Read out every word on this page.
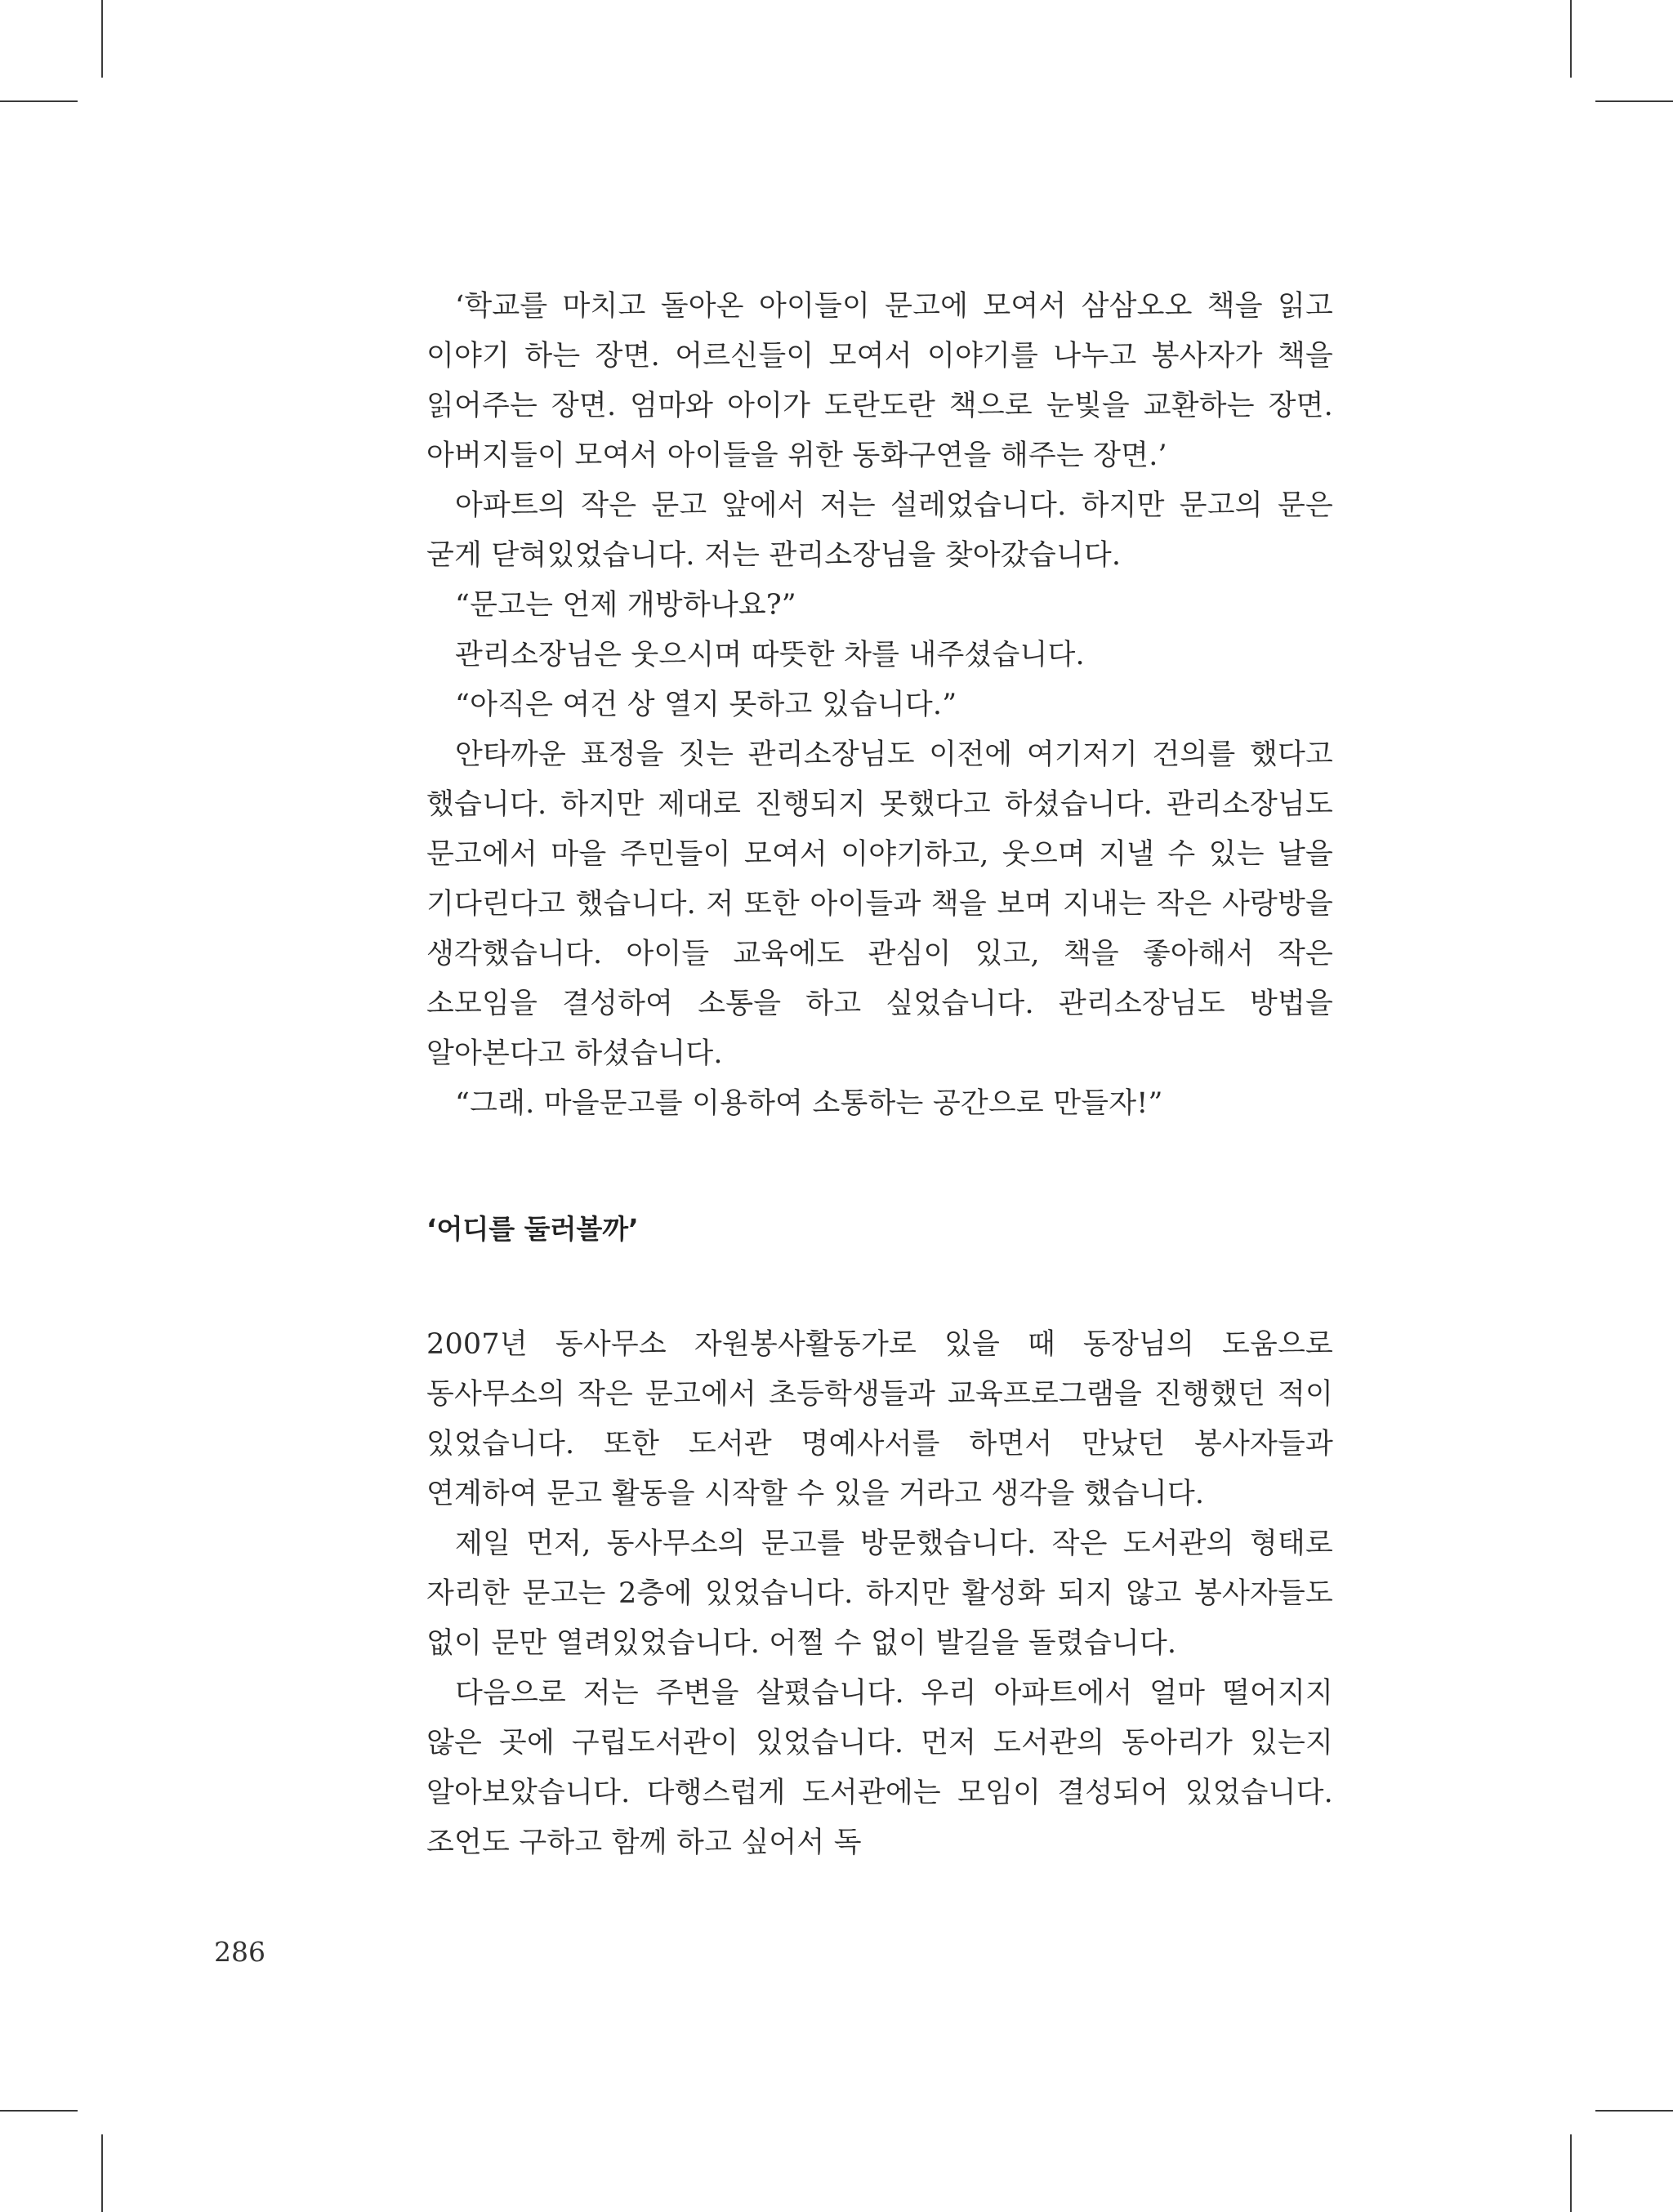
‘학교를 마치고 돌아온 아이들이 문고에 모여서 삼삼오오 책을 읽고 이야기 하는 장면. 어르신들이 모여서 이야기를 나누고 봉사자가 책을 읽어주는 장면. 엄마와 아이가 도란도란 책으로 눈빛을 교환하는 장면. 아버지들이 모여서 아이들을 위한 동화구연을 해주는 장면.’

아파트의 작은 문고 앞에서 저는 설레었습니다. 하지만 문고의 문은 굳게 닫혀있었습니다. 저는 관리소장님을 찾아갔습니다.

“문고는 언제 개방하나요?”

관리소장님은 웃으시며 따뜻한 차를 내주셨습니다.

“아직은 여건 상 열지 못하고 있습니다.”

안타까운 표정을 짓는 관리소장님도 이전에 여기저기 건의를 했다고 했습니다. 하지만 제대로 진행되지 못했다고 하셨습니다. 관리소장님도 문고에서 마을 주민들이 모여서 이야기하고, 웃으며 지낼 수 있는 날을 기다린다고 했습니다. 저 또한 아이들과 책을 보며 지내는 작은 사랑방을 생각했습니다. 아이들 교육에도 관심이 있고, 책을 좋아해서 작은 소모임을 결성하여 소통을 하고 싶었습니다. 관리소장님도 방법을 알아본다고 하셨습니다.

“그래. 마을문고를 이용하여 소통하는 공간으로 만들자!”

‘어디를 둘러볼까’

2007년 동사무소 자원봉사활동가로 있을 때 동장님의 도움으로 동사무소의 작은 문고에서 초등학생들과 교육프로그램을 진행했던 적이 있었습니다. 또한 도서관 명예사서를 하면서 만났던 봉사자들과 연계하여 문고 활동을 시작할 수 있을 거라고 생각을 했습니다.

제일 먼저, 동사무소의 문고를 방문했습니다. 작은 도서관의 형태로 자리한 문고는 2층에 있었습니다. 하지만 활성화 되지 않고 봉사자들도 없이 문만 열려있었습니다. 어쩔 수 없이 발길을 돌렸습니다.

다음으로 저는 주변을 살폈습니다. 우리 아파트에서 얼마 떨어지지 않은 곳에 구립도서관이 있었습니다. 먼저 도서관의 동아리가 있는지 알아보았습니다. 다행스럽게 도서관에는 모임이 결성되어 있었습니다. 조언도 구하고 함께 하고 싶어서 독

286
